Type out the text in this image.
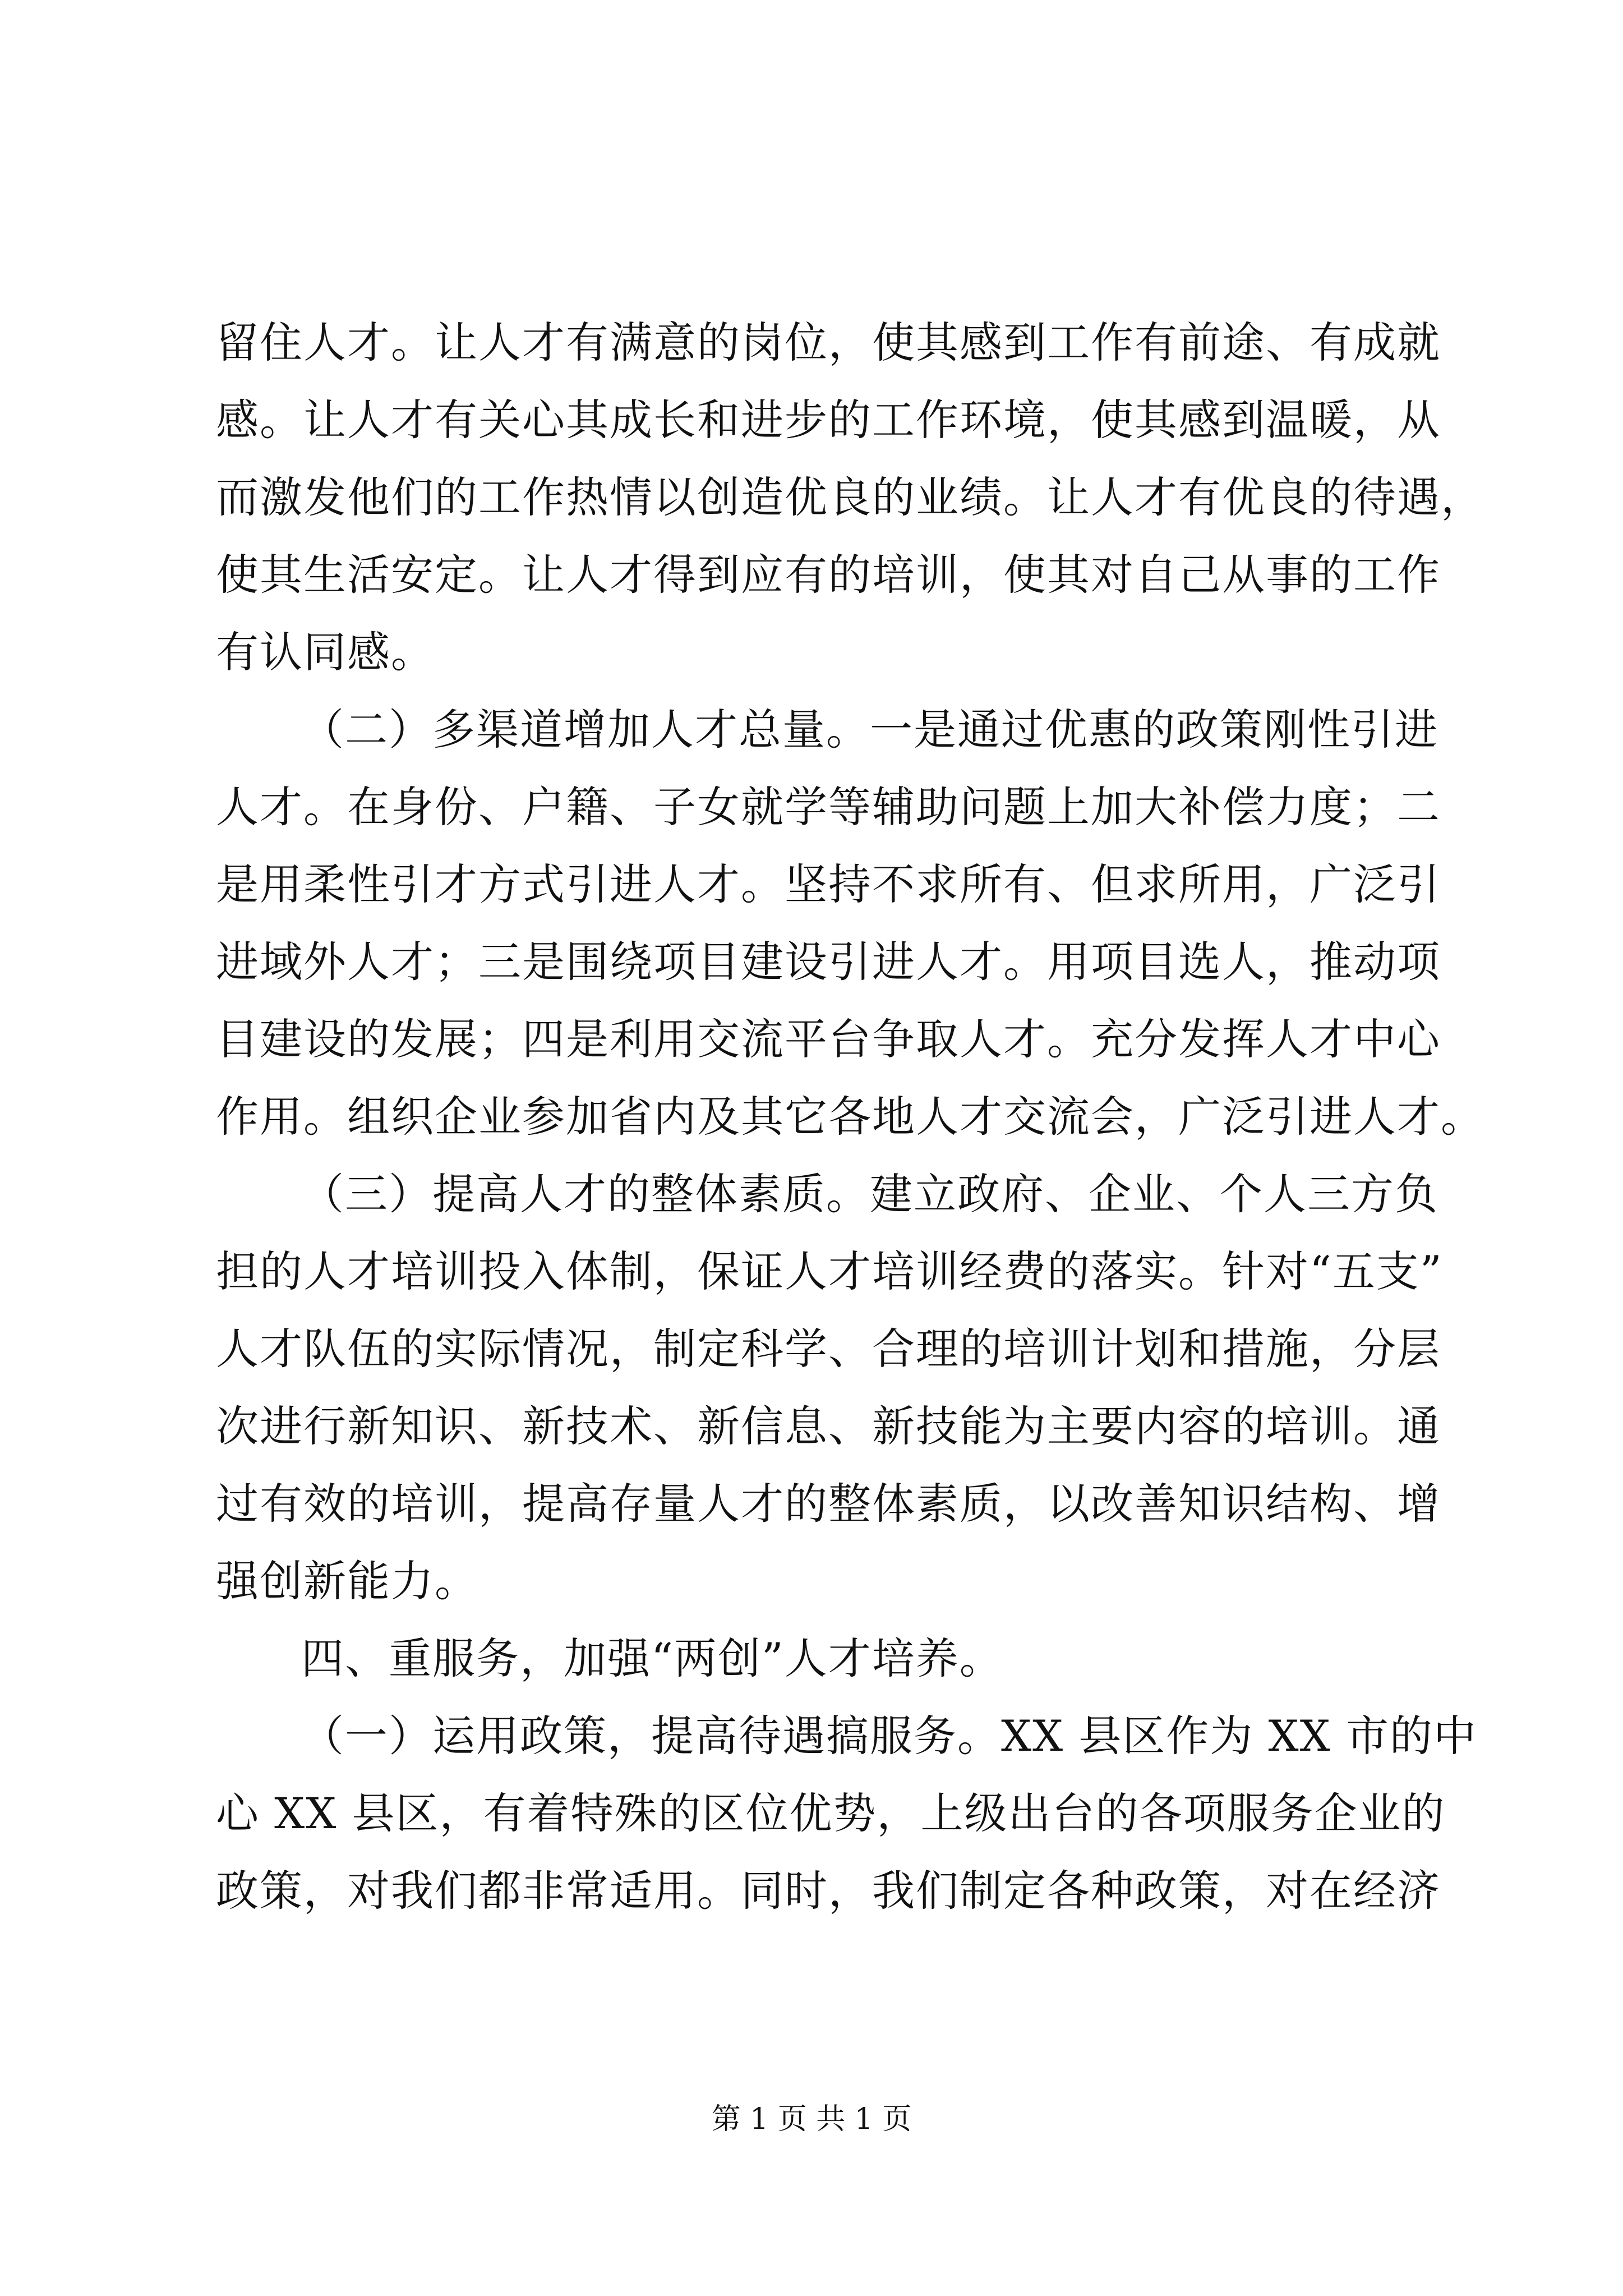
留住人才。让人才有满意的岗位，使其感到工作有前途、有成就
感。让人才有关心其成长和进步的工作环境，使其感到温暖，从
而激发他们的工作热情以创造优良的业绩。让人才有优良的待遇，
使其生活安定。让人才得到应有的培训，使其对自己从事的工作
有认同感。
（二）多渠道增加人才总量。一是通过优惠的政策刚性引进
人才。在身份、户籍、子女就学等辅助问题上加大补偿力度；二
是用柔性引才方式引进人才。坚持不求所有、但求所用，广泛引
进域外人才；三是围绕项目建设引进人才。用项目选人，推动项
目建设的发展；四是利用交流平台争取人才。充分发挥人才中心
作用。组织企业参加省内及其它各地人才交流会，广泛引进人才。
（三）提高人才的整体素质。建立政府、企业、个人三方负
担的人才培训投入体制，保证人才培训经费的落实。针对“五支”
人才队伍的实际情况，制定科学、合理的培训计划和措施，分层
次进行新知识、新技术、新信息、新技能为主要内容的培训。通
过有效的培训，提高存量人才的整体素质，以改善知识结构、增
强创新能力。
四、重服务，加强“两创”人才培养。
（一）运用政策，提高待遇搞服务。XX 县区作为 XX 市的中
心 XX 县区，有着特殊的区位优势，上级出台的各项服务企业的
政策，对我们都非常适用。同时，我们制定各种政策，对在经济
第 1 页 共 1 页
